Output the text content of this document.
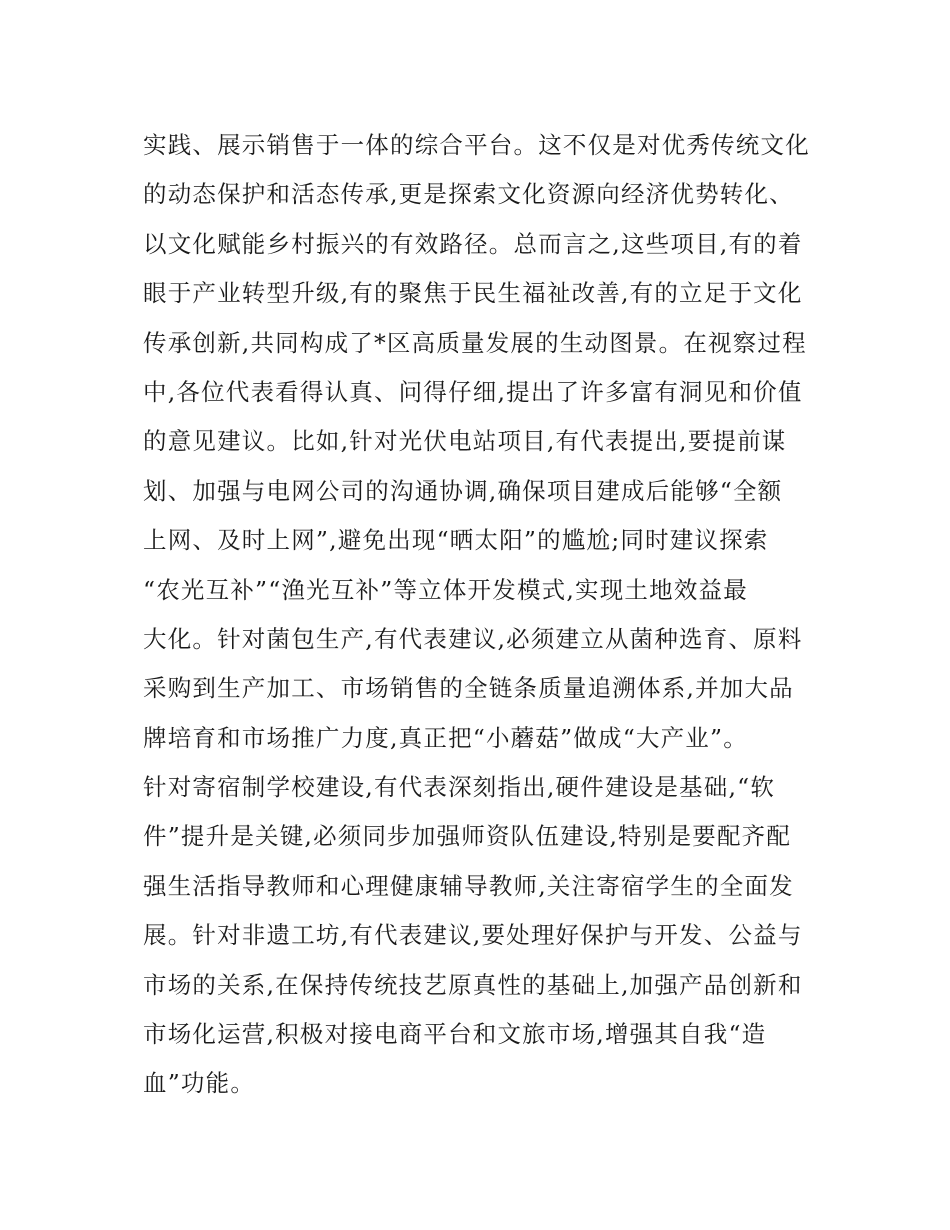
实践、展示销售于一体的综合平台。这不仅是对优秀传统文化
的动态保护和活态传承,更是探索文化资源向经济优势转化、
以文化赋能乡村振兴的有效路径。总而言之,这些项目,有的着
眼于产业转型升级,有的聚焦于民生福祉改善,有的立足于文化
传承创新,共同构成了*区高质量发展的生动图景。在视察过程
中,各位代表看得认真、问得仔细,提出了许多富有洞见和价值
的意见建议。比如,针对光伏电站项目,有代表提出,要提前谋
划、加强与电网公司的沟通协调,确保项目建成后能够“全额
上网、及时上网”,避免出现“晒太阳”的尴尬;同时建议探索
“农光互补”“渔光互补”等立体开发模式,实现土地效益最
大化。针对菌包生产,有代表建议,必须建立从菌种选育、原料
采购到生产加工、市场销售的全链条质量追溯体系,并加大品
牌培育和市场推广力度,真正把“小蘑菇”做成“大产业”。
针对寄宿制学校建设,有代表深刻指出,硬件建设是基础,“软
件”提升是关键,必须同步加强师资队伍建设,特别是要配齐配
强生活指导教师和心理健康辅导教师,关注寄宿学生的全面发
展。针对非遗工坊,有代表建议,要处理好保护与开发、公益与
市场的关系,在保持传统技艺原真性的基础上,加强产品创新和
市场化运营,积极对接电商平台和文旅市场,增强其自我“造
血”功能。
